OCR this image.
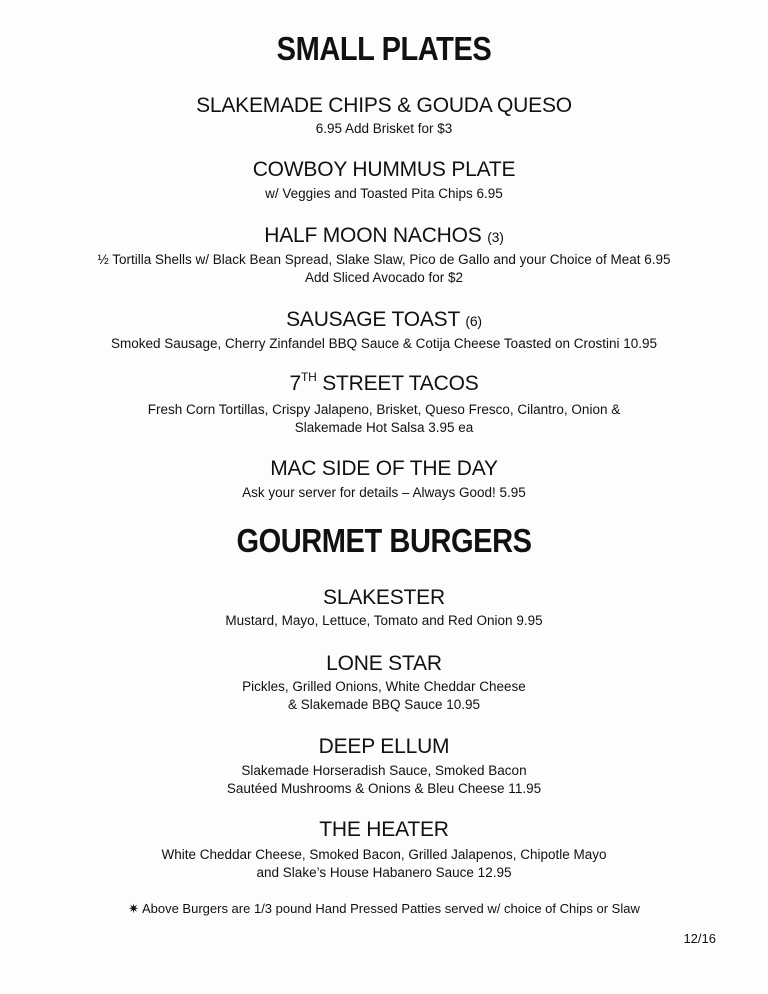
SMALL PLATES
SLAKEMADE CHIPS & GOUDA QUESO
6.95 Add Brisket for $3
COWBOY HUMMUS PLATE
w/ Veggies and Toasted Pita Chips 6.95
HALF MOON NACHOS (3)
½ Tortilla Shells w/ Black Bean Spread, Slake Slaw, Pico de Gallo and your Choice of Meat 6.95
Add Sliced Avocado for $2
SAUSAGE TOAST (6)
Smoked Sausage, Cherry Zinfandel BBQ Sauce & Cotija Cheese Toasted on Crostini 10.95
7TH STREET TACOS
Fresh Corn Tortillas, Crispy Jalapeno, Brisket, Queso Fresco, Cilantro, Onion &
Slakemade Hot Salsa 3.95 ea
MAC SIDE OF THE DAY
Ask your server for details – Always Good! 5.95
GOURMET BURGERS
SLAKESTER
Mustard, Mayo, Lettuce, Tomato and Red Onion 9.95
LONE STAR
Pickles, Grilled Onions, White Cheddar Cheese
& Slakemade BBQ Sauce 10.95
DEEP ELLUM
Slakemade Horseradish Sauce, Smoked Bacon
Sautéed Mushrooms & Onions & Bleu Cheese 11.95
THE HEATER
White Cheddar Cheese, Smoked Bacon, Grilled Jalapenos, Chipotle Mayo
and Slake’s House Habanero Sauce 12.95
✷ Above Burgers are 1/3 pound Hand Pressed Patties served w/ choice of Chips or Slaw
12/16
